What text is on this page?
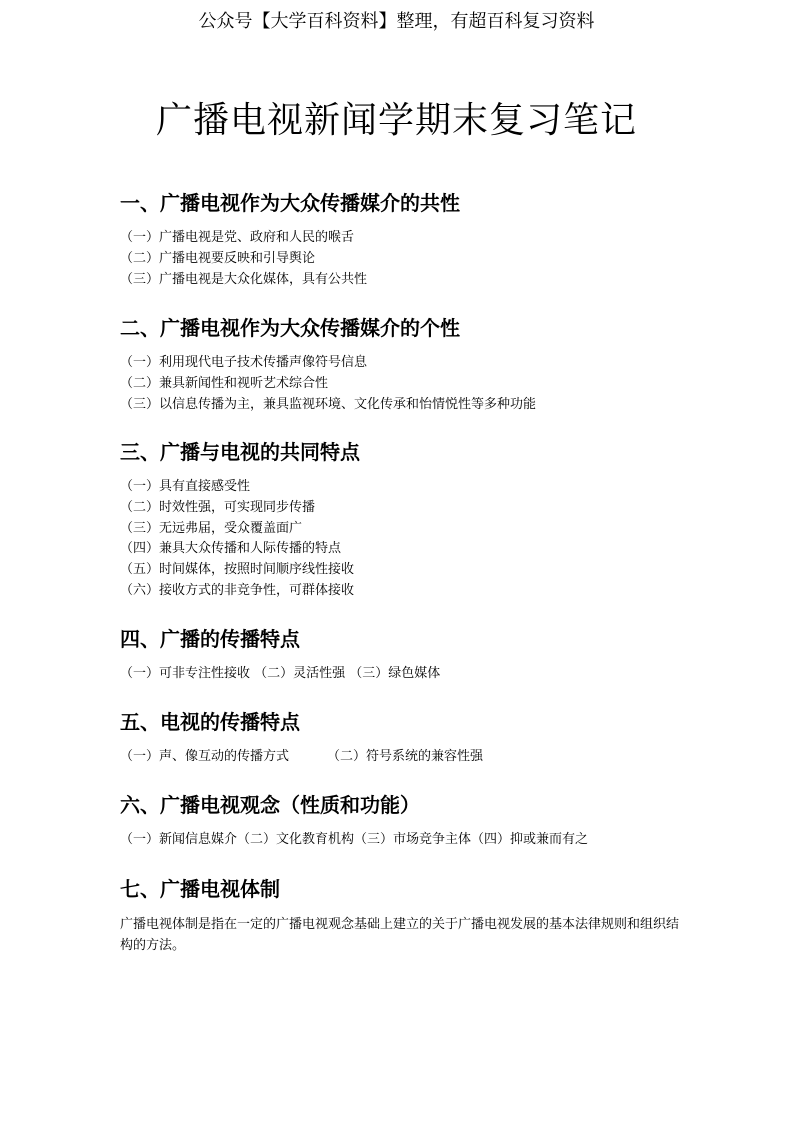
公众号【大学百科资料】整理，有超百科复习资料
广播电视新闻学期末复习笔记
一、广播电视作为大众传播媒介的共性
（一）广播电视是党、政府和人民的喉舌
（二）广播电视要反映和引导舆论
（三）广播电视是大众化媒体，具有公共性
二、广播电视作为大众传播媒介的个性
（一）利用现代电子技术传播声像符号信息
（二）兼具新闻性和视听艺术综合性
（三）以信息传播为主，兼具监视环境、文化传承和怡情悦性等多种功能
三、广播与电视的共同特点
（一）具有直接感受性
（二）时效性强，可实现同步传播
（三）无远弗届，受众覆盖面广
（四）兼具大众传播和人际传播的特点
（五）时间媒体，按照时间顺序线性接收
（六）接收方式的非竞争性，可群体接收
四、广播的传播特点
（一）可非专注性接收 （二）灵活性强 （三）绿色媒体
五、电视的传播特点
（一）声、像互动的传播方式	（二）符号系统的兼容性强
六、广播电视观念（性质和功能）
（一）新闻信息媒介（二）文化教育机构（三）市场竞争主体（四）抑或兼而有之
七、广播电视体制
广播电视体制是指在一定的广播电视观念基础上建立的关于广播电视发展的基本法律规则和组织结构的方法。
